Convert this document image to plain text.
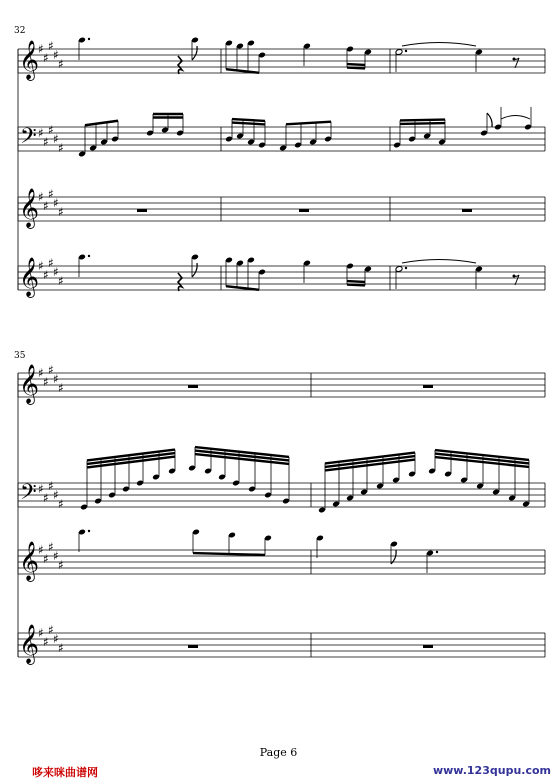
32
𝄞
♯
♯
♯
♯
♯
𝄢 ♯
♯
♯
♯
♯
𝄞
♯
♯
♯
♯
♯
𝄞
♯
♯
♯
♯
♯
35
𝄞
♯
♯
♯
♯
♯
𝄢 ♯
♯
♯
♯
♯
𝄞
♯
♯
♯
♯
♯
𝄞
♯
♯
♯
♯
♯
Page 6
哆来咪曲谱网	www.123qupu.com
